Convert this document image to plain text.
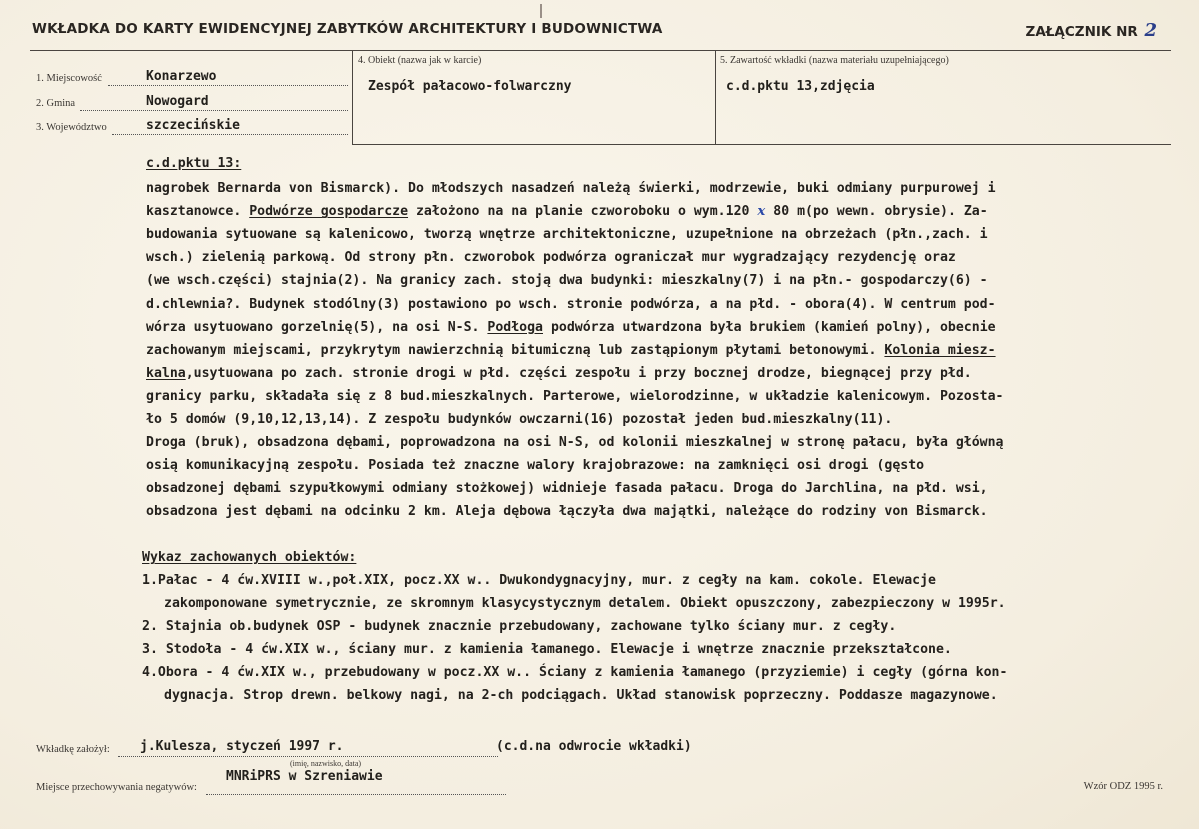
WKŁADKA DO KARTY EWIDENCYJNEJ ZABYTKÓW ARCHITEKTURY I BUDOWNICTWA	ZAŁĄCZNIK NR 2
1. Miejscowość	Konarzewo
2. Gmina	Nowogard
3. Województwo	szczecińskie
4. Obiekt (nazwa jak w karcie)
Zespół pałacowo-folwarczny
5. Zawartość wkładki (nazwa materiału uzupełniającego)
c.d.pktu 13,zdjęcia

c.d.pktu 13:

nagrobek Bernarda von Bismarck). Do młodszych nasadzeń należą świerki, modrzewie, buki odmiany purpurowej i

kasztanowce. Podwórze gospodarcze założono na na planie czworoboku o wym.120 x 80 m(po wewn. obrysie). Za-

budowania sytuowane są kalenicowo, tworzą wnętrze architektoniczne, uzupełnione na obrzeżach (płn.,zach. i

wsch.) zielenią parkową. Od strony płn. czworobok podwórza ograniczał mur wygradzający rezydencję oraz

(we wsch.części) stajnia(2). Na granicy zach. stoją dwa budynki: mieszkalny(7) i na płn.- gospodarczy(6) -

d.chlewnia?. Budynek stodólny(3) postawiono po wsch. stronie podwórza, a na płd. - obora(4). W centrum pod-

wórza usytuowano gorzelnię(5), na osi N-S. Podłoga podwórza utwardzona była brukiem (kamień polny), obecnie

zachowanym miejscami, przykrytym nawierzchnią bitumiczną lub zastąpionym płytami betonowymi. Kolonia miesz-

kalna,usytuowana po zach. stronie drogi w płd. części zespołu i przy bocznej drodze, biegnącej przy płd.

granicy parku, składała się z 8 bud.mieszkalnych. Parterowe, wielorodzinne, w układzie kalenicowym. Pozosta-

ło 5 domów (9,10,12,13,14). Z zespołu budynków owczarni(16) pozostał jeden bud.mieszkalny(11).

Droga (bruk), obsadzona dębami, poprowadzona na osi N-S, od kolonii mieszkalnej w stronę pałacu, była główną

osią komunikacyjną zespołu. Posiada też znaczne walory krajobrazowe: na zamknięci osi drogi (gęsto

obsadzonej dębami szypułkowymi odmiany stożkowej) widnieje fasada pałacu. Droga do Jarchlina, na płd. wsi,

obsadzona jest dębami na odcinku 2 km. Aleja dębowa łączyła dwa majątki, należące do rodziny von Bismarck.

Wykaz zachowanych obiektów:

1.Pałac - 4 ćw.XVIII w.,poł.XIX, pocz.XX w.. Dwukondygnacyjny, mur. z cegły na kam. cokole. Elewacje

zakomponowane symetrycznie, ze skromnym klasycystycznym detalem. Obiekt opuszczony, zabezpieczony w 1995r.

2. Stajnia ob.budynek OSP - budynek znacznie przebudowany, zachowane tylko ściany mur. z cegły.

3. Stodoła - 4 ćw.XIX w., ściany mur. z kamienia łamanego. Elewacje i wnętrze znacznie przekształcone.

4.Obora - 4 ćw.XIX w., przebudowany w pocz.XX w.. Ściany z kamienia łamanego (przyziemie) i cegły (górna kon-

dygnacja. Strop drewn. belkowy nagi, na 2-ch podciągach. Układ stanowisk poprzeczny. Poddasze magazynowe.

Wkładkę założył: j.Kulesza, styczeń 1997 r.	(c.d.na odwrocie wkładki)
(imię, nazwisko, data)
Miejsce przechowywania negatywów:
MNRiPRS w Szreniawie
Wzór ODZ 1995 r.
